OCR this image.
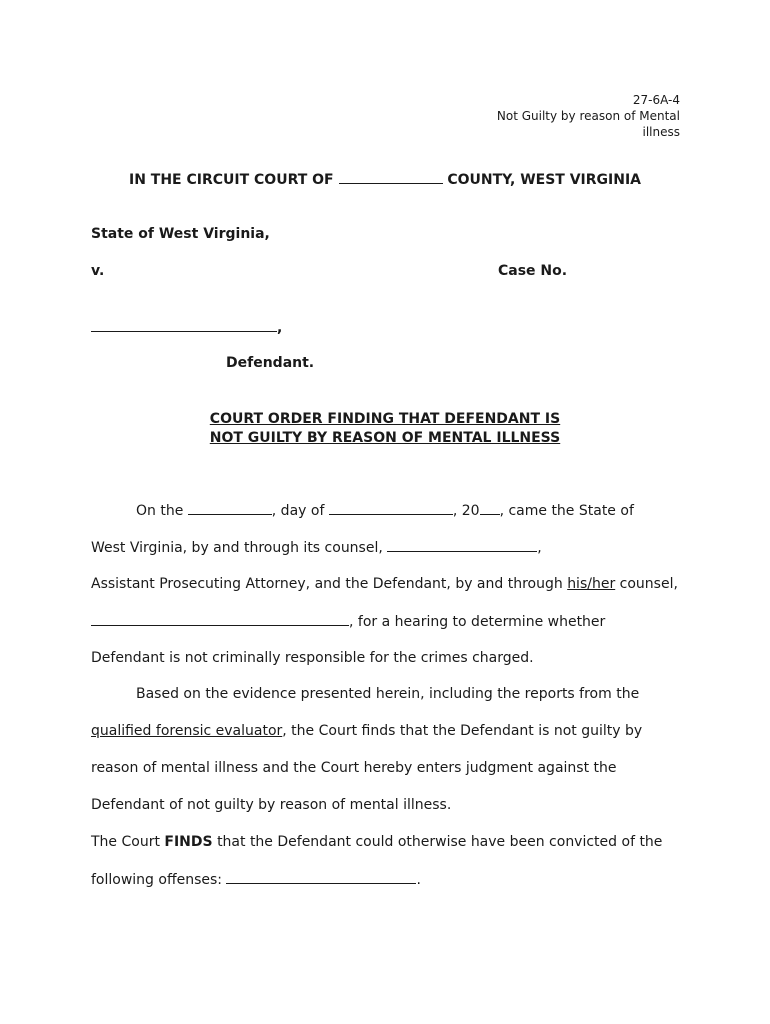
27-6A-4
Not Guilty by reason of Mental
illness
IN THE CIRCUIT COURT OF	COUNTY, WEST VIRGINIA
State of West Virginia,
v.	Case No.
,
Defendant.
COURT ORDER FINDING THAT DEFENDANT IS
NOT GUILTY BY REASON OF MENTAL ILLNESS
On the	, day of	, 20 , came the State of
West Virginia, by and through its counsel,	,
Assistant Prosecuting Attorney, and the Defendant, by and through his/her counsel,
, for a hearing to determine whether
Defendant is not criminally responsible for the crimes charged.
Based on the evidence presented herein, including the reports from the
qualified forensic evaluator, the Court finds that the Defendant is not guilty by
reason of mental illness and the Court hereby enters judgment against the
Defendant of not guilty by reason of mental illness.
The Court FINDS that the Defendant could otherwise have been convicted of the
following offenses:	.
